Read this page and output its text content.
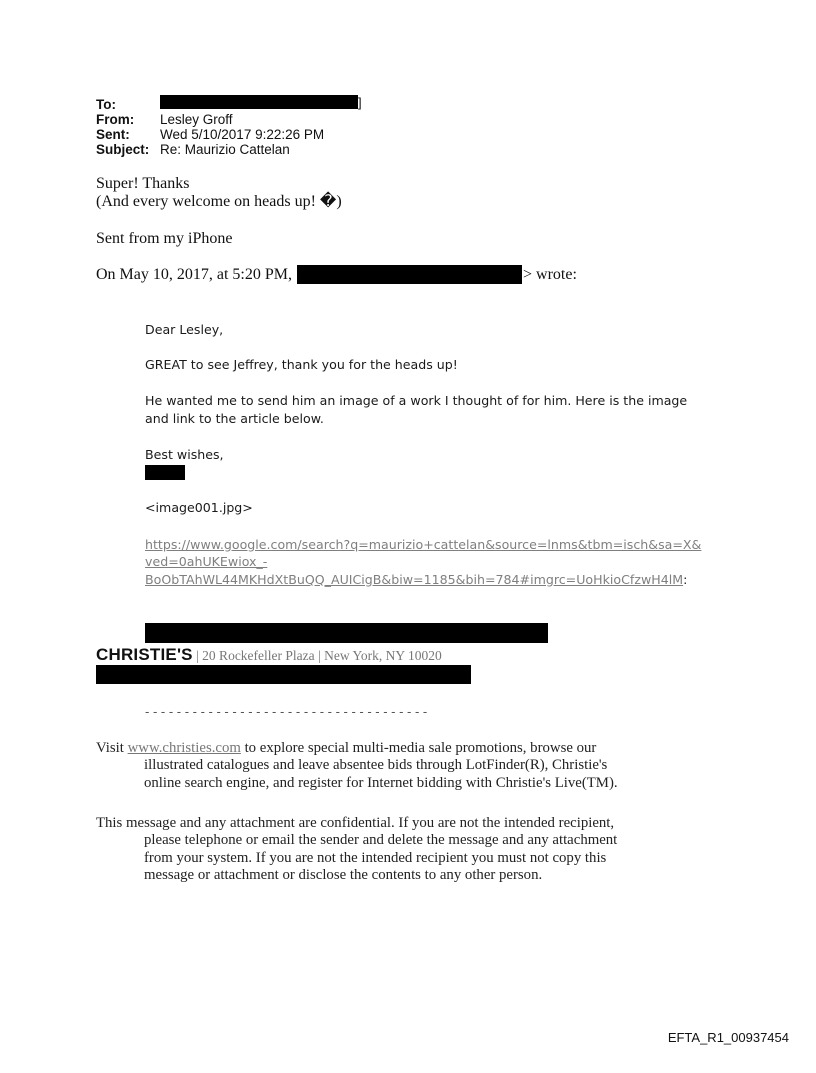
To:
From: Lesley Groff
Sent: Wed 5/10/2017 9:22:26 PM
Subject: Re: Maurizio Cattelan
]
Super! Thanks
(And every welcome on heads up! �)
Sent from my iPhone
On May 10, 2017, at 5:20 PM,	> wrote:
Dear Lesley,
GREAT to see Jeffrey, thank you for the heads up!
He wanted me to send him an image of a work I thought of for him. Here is the image
and link to the article below.
Best wishes,
<image001.jpg>
https://www.google.com/search?q=maurizio+cattelan&source=lnms&tbm=isch&sa=X&
ved=0ahUKEwiox_-
BoObTAhWL44MKHdXtBuQQ_AUICigB&biw=1185&bih=784#imgrc=UoHkioCfzwH4lM:
CHRISTIE'S | 20 Rockefeller Plaza | New York, NY 10020
- - - - - - - - - - - - - - - - - - - - - - - - - - - - - - - - - - - -

Visit www.christies.com to explore special multi-media sale promotions, browse our

illustrated catalogues and leave absentee bids through LotFinder(R), Christie's

online search engine, and register for Internet bidding with Christie's Live(TM).

This message and any attachment are confidential. If you are not the intended recipient,

please telephone or email the sender and delete the message and any attachment

from your system. If you are not the intended recipient you must not copy this

message or attachment or disclose the contents to any other person.

EFTA_R1_00937454
